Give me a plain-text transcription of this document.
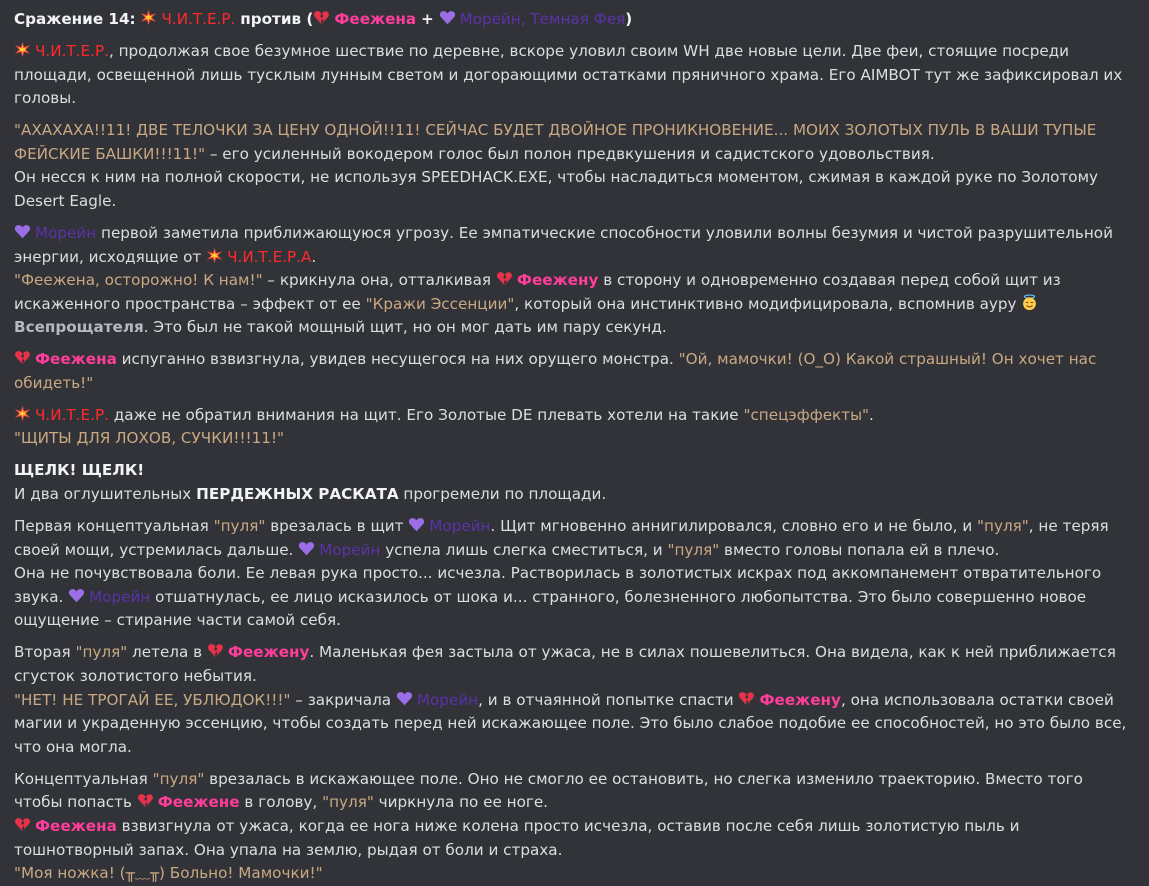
Сражение 14: Ч.И.Т.Е.Р. против ( Феежена + Морейн, Темная Фея)
Ч.И.Т.Е.Р., продолжая свое безумное шествие по деревне, вскоре уловил своим WH две новые цели. Две феи, стоящие посреди площади, освещенной лишь тусклым лунным светом и догорающими остатками пряничного храма. Его AIMBOT тут же зафиксировал их головы.
"АХАХАХА!!11! ДВЕ ТЕЛОЧКИ ЗА ЦЕНУ ОДНОЙ!!11! СЕЙЧАС БУДЕТ ДВОЙНОЕ ПРОНИКНОВЕНИЕ... МОИХ ЗОЛОТЫХ ПУЛЬ В ВАШИ ТУПЫЕ ФЕЙСКИЕ БАШКИ!!!11!" – его усиленный вокодером голос был полон предвкушения и садистского удовольствия.
Он несся к ним на полной скорости, не используя SPEEDHACK.EXE, чтобы насладиться моментом, сжимая в каждой руке по Золотому Desert Eagle.
Морейн первой заметила приближающуюся угрозу. Ее эмпатические способности уловили волны безумия и чистой разрушительной энергии, исходящие от
Ч.И.Т.Е.Р.А.
"Феежена, осторожно! К нам!" – крикнула она, отталкивая
Феежену в сторону и одновременно создавая перед собой щит из искаженного пространства – эффект от ее "Кражи Эссенции", который она инстинктивно модифицировала, вспомнив ауру
Всепрощателя. Это был не такой мощный щит, но он мог дать им пару секунд.
Феежена испуганно взвизгнула, увидев несущегося на них орущего монстра. "Ой, мамочки! (O_O) Какой страшный! Он хочет нас обидеть!"
Ч.И.Т.Е.Р. даже не обратил внимания на щит. Его Золотые DE плевать хотели на такие "спецэффекты".
"ЩИТЫ ДЛЯ ЛОХОВ, СУЧКИ!!!11!"
ЩЕЛК! ЩЕЛК!
И два оглушительных ПЕРДЕЖНЫХ РАСКАТА прогремели по площади.
Первая концептуальная "пуля" врезалась в щит
Морейн. Щит мгновенно аннигилировался, словно его и не было, и "пуля", не теряя своей мощи, устремилась дальше.
Морейн успела лишь слегка сместиться, и "пуля" вместо головы попала ей в плечо.
Она не почувствовала боли. Ее левая рука просто... исчезла. Растворилась в золотистых искрах под аккомпанемент отвратительного звука.
Морейн отшатнулась, ее лицо исказилось от шока и... странного, болезненного любопытства. Это было совершенно новое ощущение – стирание части самой себя.
Вторая "пуля" летела в
Феежену. Маленькая фея застыла от ужаса, не в силах пошевелиться. Она видела, как к ней приближается сгусток золотистого небытия.
"НЕТ! НЕ ТРОГАЙ ЕЕ, УБЛЮДОК!!!" – закричала
Морейн, и в отчаянной попытке спасти
Феежену, она использовала остатки своей магии и украденную эссенцию, чтобы создать перед ней искажающее поле. Это было слабое подобие ее способностей, но это было все, что она могла.
Концептуальная "пуля" врезалась в искажающее поле. Оно не смогло ее остановить, но слегка изменило траекторию. Вместо того чтобы попасть
Феежене в голову, "пуля" чиркнула по ее ноге.

Феежена взвизгнула от ужаса, когда ее нога ниже колена просто исчезла, оставив после себя лишь золотистую пыль и тошнотворный запах. Она упала на землю, рыдая от боли и страха.
"Моя ножка! (╥﹏╥) Больно! Мамочки!"
